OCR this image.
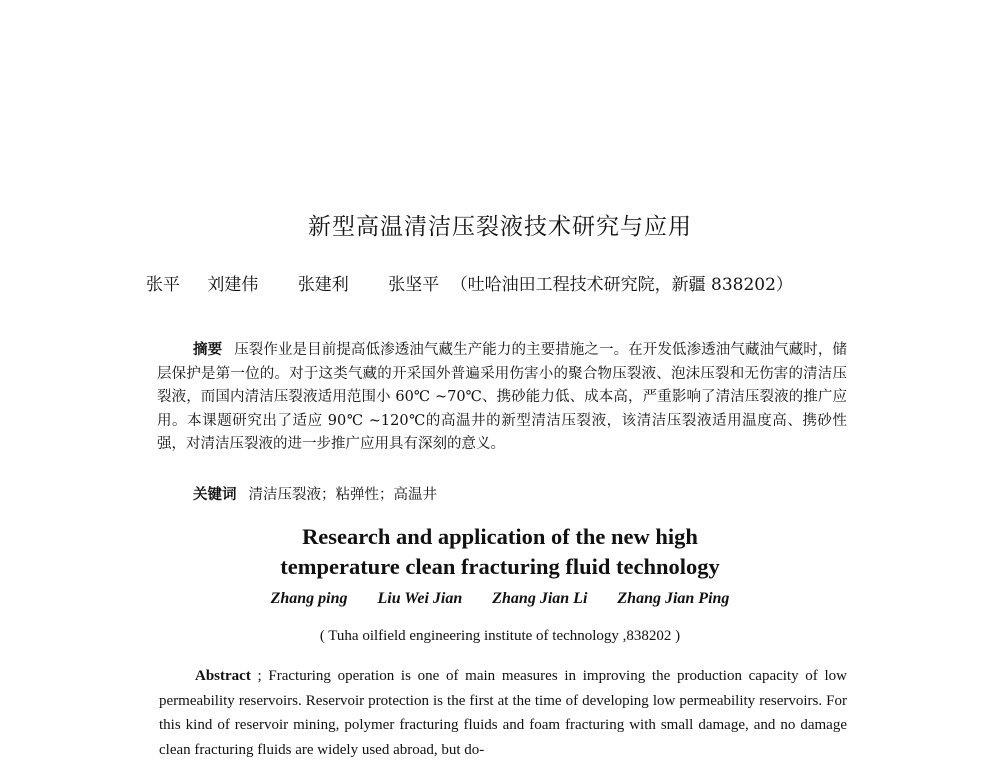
新型高温清洁压裂液技术研究与应用
张平 刘建伟 张建利 张坚平 （吐哈油田工程技术研究院，新疆 838202）
摘要 压裂作业是目前提高低渗透油气藏生产能力的主要措施之一。在开发低渗透油气藏油气藏时，储层保护是第一位的。对于这类气藏的开采国外普遍采用伤害小的聚合物压裂液、泡沫压裂和无伤害的清洁压裂液，而国内清洁压裂液适用范围小 60℃ ~70℃、携砂能力低、成本高，严重影响了清洁压裂液的推广应用。本课题研究出了适应 90℃ ~120℃的高温井的新型清洁压裂液，该清洁压裂液适用温度高、携砂性强，对清洁压裂液的进一步推广应用具有深刻的意义。
关键词 清洁压裂液；粘弹性；高温井
Research and application of the new high
temperature clean fracturing fluid technology
Zhang ping Liu Wei Jian Zhang Jian Li Zhang Jian Ping
( Tuha oilfield engineering institute of technology ,838202 )
Abstract ; Fracturing operation is one of main measures in improving the production capacity of low permeability reservoirs. Reservoir protection is the first at the time of developing low permeability reservoirs. For this kind of reservoir mining, polymer fracturing fluids and foam fracturing with small damage, and no damage clean fracturing fluids are widely used abroad, but do-
